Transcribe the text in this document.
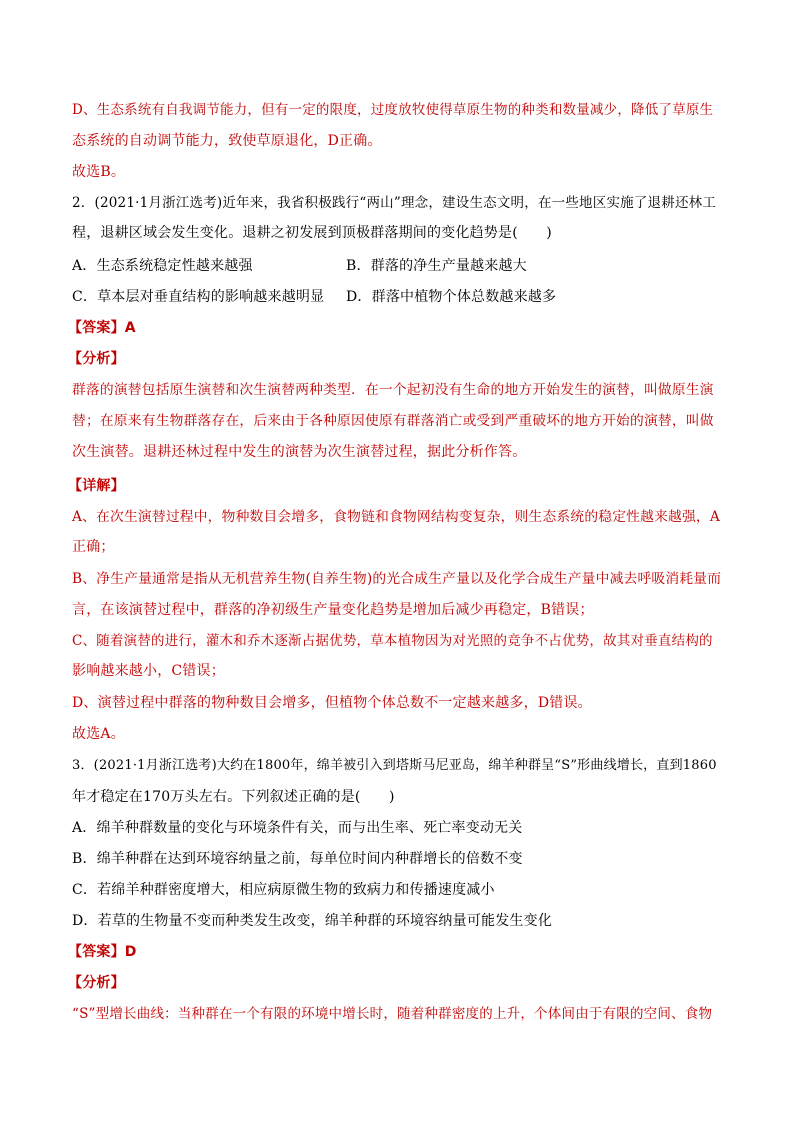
D、生态系统有自我调节能力，但有一定的限度，过度放牧使得草原生物的种类和数量减少，降低了草原生
态系统的自动调节能力，致使草原退化，D正确。
故选B。
2．(2021·1月浙江选考)近年来，我省积极践行“两山”理念，建设生态文明，在一些地区实施了退耕还林工
程，退耕区域会发生变化。退耕之初发展到顶极群落期间的变化趋势是(　　)
A．生态系统稳定性越来越强	B．群落的净生产量越来越大
C．草本层对垂直结构的影响越来越明显 D．群落中植物个体总数越来越多
【答案】A
【分析】
群落的演替包括原生演替和次生演替两种类型．在一个起初没有生命的地方开始发生的演替，叫做原生演
替；在原来有生物群落存在，后来由于各种原因使原有群落消亡或受到严重破坏的地方开始的演替，叫做
次生演替。退耕还林过程中发生的演替为次生演替过程，据此分析作答。
【详解】
A、在次生演替过程中，物种数目会增多，食物链和食物网结构变复杂，则生态系统的稳定性越来越强，A
正确；
B、净生产量通常是指从无机营养生物(自养生物)的光合成生产量以及化学合成生产量中减去呼吸消耗量而
言，在该演替过程中，群落的净初级生产量变化趋势是增加后减少再稳定，B错误；
C、随着演替的进行，灌木和乔木逐渐占据优势，草本植物因为对光照的竞争不占优势，故其对垂直结构的
影响越来越小，C错误；
D、演替过程中群落的物种数目会增多，但植物个体总数不一定越来越多，D错误。
故选A。
3．(2021·1月浙江选考)大约在1800年，绵羊被引入到塔斯马尼亚岛，绵羊种群呈“S”形曲线增长，直到1860
年才稳定在170万头左右。下列叙述正确的是(　　)
A．绵羊种群数量的变化与环境条件有关，而与出生率、死亡率变动无关
B．绵羊种群在达到环境容纳量之前，每单位时间内种群增长的倍数不变
C．若绵羊种群密度增大，相应病原微生物的致病力和传播速度减小
D．若草的生物量不变而种类发生改变，绵羊种群的环境容纳量可能发生变化
【答案】D
【分析】
“S”型增长曲线：当种群在一个有限的环境中增长时，随着种群密度的上升，个体间由于有限的空间、食物
